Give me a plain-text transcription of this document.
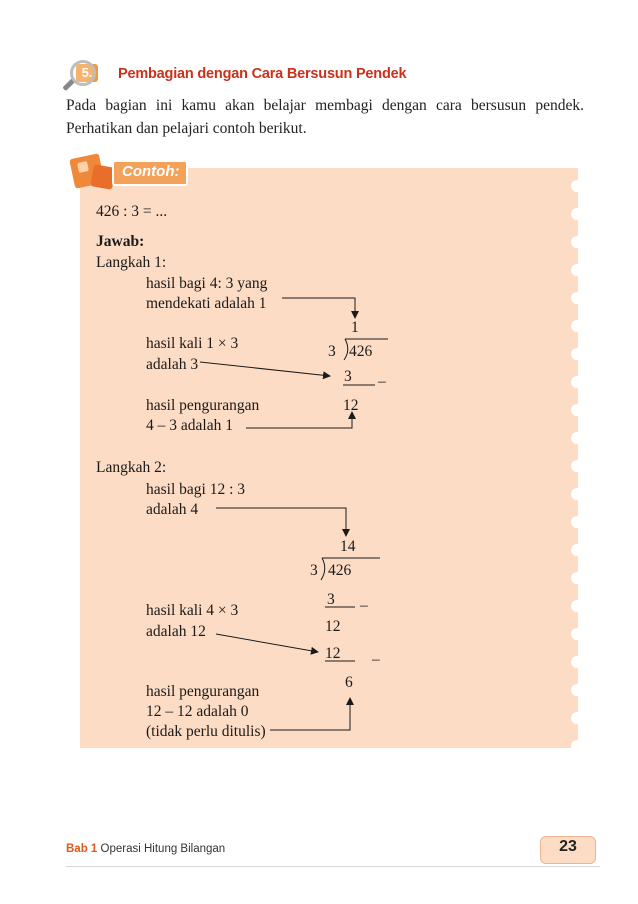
5.	Pembagian dengan Cara Bersusun Pendek
Pada bagian ini kamu akan belajar membagi dengan cara bersusun pendek. Perhatikan dan pelajari contoh berikut.
Contoh:
426 : 3 = ...
Jawab:
Langkah 1:
hasil bagi 4: 3 yang
mendekati adalah 1
hasil kali 1 × 3
adalah 3
hasil pengurangan
4 – 3 adalah 1
1
3 426
3 –
12
Langkah 2:
hasil bagi 12 : 3
adalah 4
hasil kali 4 × 3
adalah 12
hasil pengurangan
12 – 12 adalah 0
(tidak perlu ditulis)
14
3 426
3 –
12
12 –
6
Bab 1 Operasi Hitung Bilangan	23
